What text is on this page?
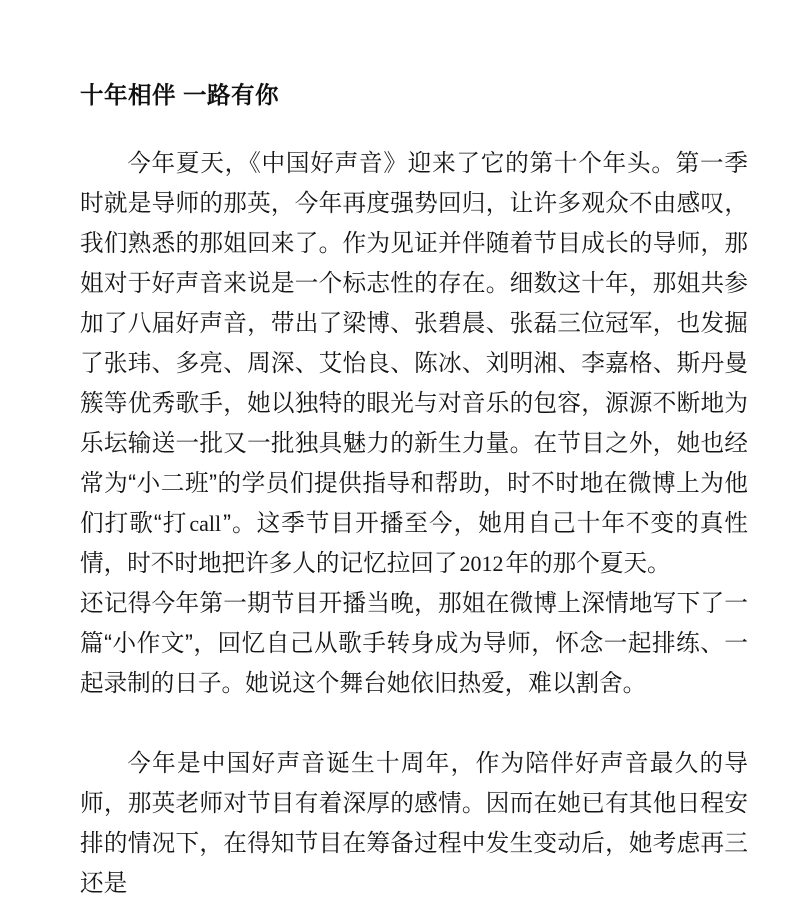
十年相伴 一路有你

今年夏天，《中国好声音》迎来了它的第十个年头。第一季时就是导师的那英，今年再度强势回归，让许多观众不由感叹，我们熟悉的那姐回来了。作为见证并伴随着节目成长的导师，那姐对于好声音来说是一个标志性的存在。细数这十年，那姐共参加了八届好声音，带出了梁博、张碧晨、张磊三位冠军，也发掘了张玮、多亮、周深、艾怡良、陈冰、刘明湘、李嘉格、斯丹曼簇等优秀歌手，她以独特的眼光与对音乐的包容，源源不断地为乐坛输送一批又一批独具魅力的新生力量。在节目之外，她也经常为“小二班”的学员们提供指导和帮助，时不时地在微博上为他们打歌“打call”。这季节目开播至今，她用自己十年不变的真性情，时不时地把许多人的记忆拉回了2012年的那个夏天。

还记得今年第一期节目开播当晚，那姐在微博上深情地写下了一篇“小作文”，回忆自己从歌手转身成为导师，怀念一起排练、一起录制的日子。她说这个舞台她依旧热爱，难以割舍。

今年是中国好声音诞生十周年，作为陪伴好声音最久的导师，那英老师对节目有着深厚的感情。因而在她已有其他日程安排的情况下，在得知节目在筹备过程中发生变动后，她考虑再三还是
